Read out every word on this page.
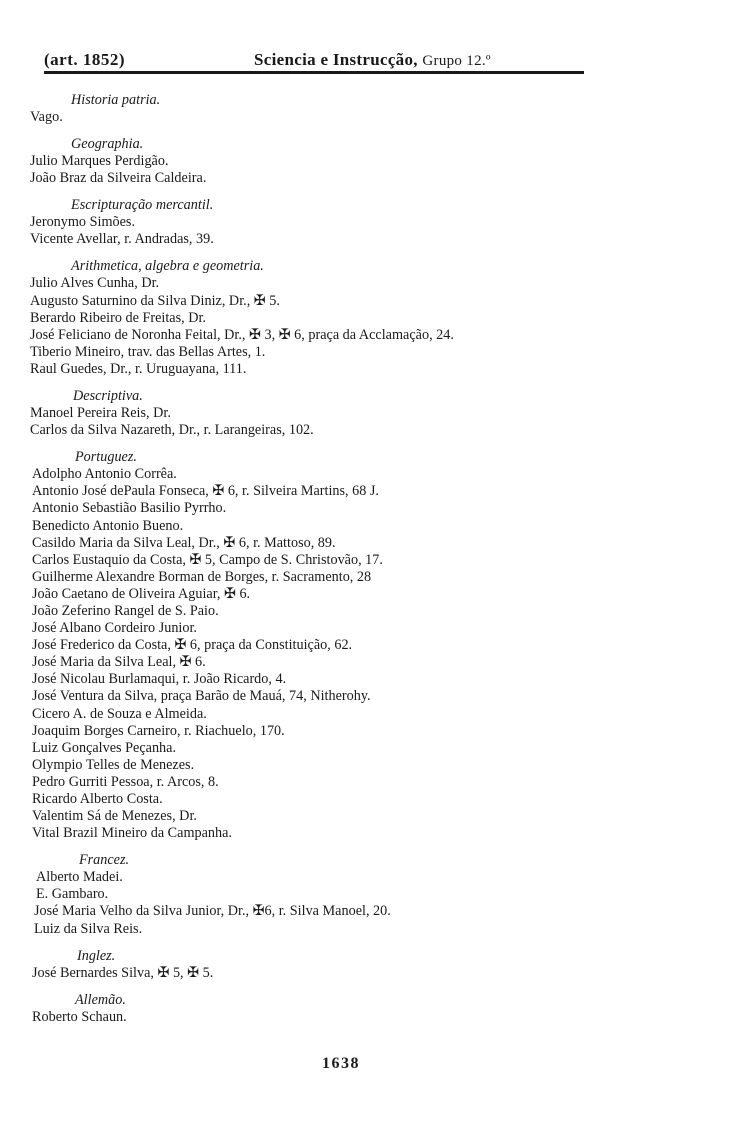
(art. 1852)	Sciencia e Instrucção, Grupo 12.º
Historia patria.
Vago.
Geographia.
Julio Marques Perdigão.
João Braz da Silveira Caldeira.
Escripturação mercantil.
Jeronymo Simões.
Vicente Avellar, r. Andradas, 39.
Arithmetica, algebra e geometria.
Julio Alves Cunha, Dr.
Augusto Saturnino da Silva Diniz, Dr., ✠ 5.
Berardo Ribeiro de Freitas, Dr.
José Feliciano de Noronha Feital, Dr., ✠ 3, ✠ 6, praça da Acclamação, 24.
Tiberio Mineiro, trav. das Bellas Artes, 1.
Raul Guedes, Dr., r. Uruguayana, 111.
Descriptiva.
Manoel Pereira Reis, Dr.
Carlos da Silva Nazareth, Dr., r. Larangeiras, 102.
Portuguez.
Adolpho Antonio Corrêa.
Antonio José dePaula Fonseca, ✠ 6, r. Silveira Martins, 68 J.
Antonio Sebastião Basilio Pyrrho.
Benedicto Antonio Bueno.
Casildo Maria da Silva Leal, Dr., ✠ 6, r. Mattoso, 89.
Carlos Eustaquio da Costa, ✠ 5, Campo de S. Christovão, 17.
Guilherme Alexandre Borman de Borges, r. Sacramento, 28
João Caetano de Oliveira Aguiar, ✠ 6.
João Zeferino Rangel de S. Paio.
José Albano Cordeiro Junior.
José Frederico da Costa, ✠ 6, praça da Constituição, 62.
José Maria da Silva Leal, ✠ 6.
José Nicolau Burlamaqui, r. João Ricardo, 4.
José Ventura da Silva, praça Barão de Mauá, 74, Nitherohy.
Cicero A. de Souza e Almeida.
Joaquim Borges Carneiro, r. Riachuelo, 170.
Luiz Gonçalves Peçanha.
Olympio Telles de Menezes.
Pedro Gurriti Pessoa, r. Arcos, 8.
Ricardo Alberto Costa.
Valentim Sá de Menezes, Dr.
Vital Brazil Mineiro da Campanha.
Francez.
Alberto Madei.
E. Gambaro.
José Maria Velho da Silva Junior, Dr., ✠6, r. Silva Manoel, 20.
Luiz da Silva Reis.
Inglez.
José Bernardes Silva, ✠ 5, ✠ 5.
Allemão.
Roberto Schaun.
1638
